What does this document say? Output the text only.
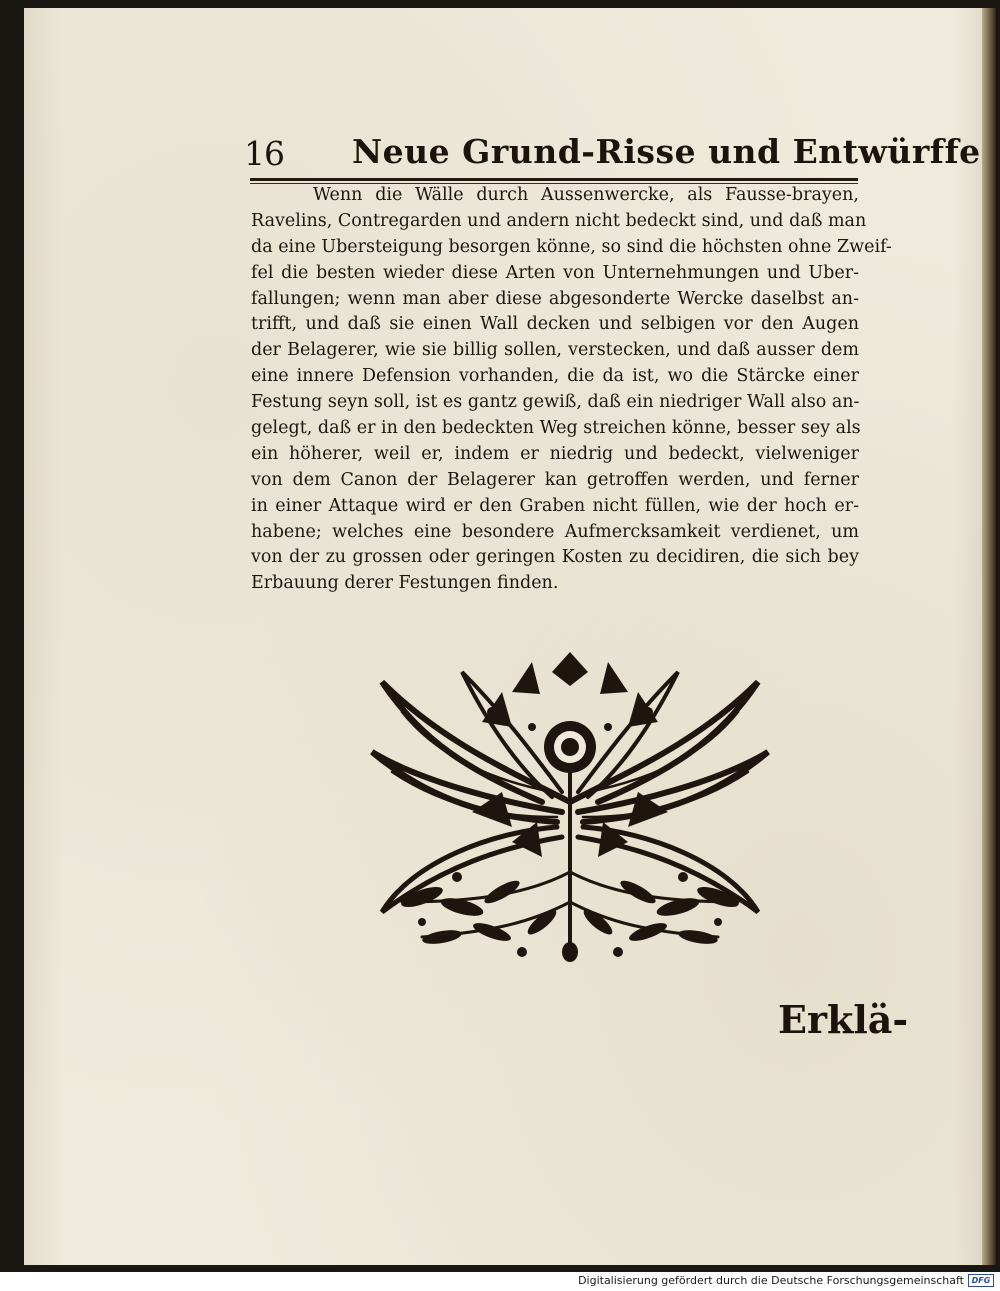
16 Neue Grund-Risse und Entwürffe
Wenn die Wälle durch Aussenwercke, als Fausse-brayen,
Ravelins, Contregarden und andern nicht bedeckt sind, und daß man
da eine Ubersteigung besorgen könne, so sind die höchsten ohne Zweif-
fel die besten wieder diese Arten von Unternehmungen und Uber-
fallungen; wenn man aber diese abgesonderte Wercke daselbst an-
trifft, und daß sie einen Wall decken und selbigen vor den Augen
der Belagerer, wie sie billig sollen, verstecken, und daß ausser dem
eine innere Defension vorhanden, die da ist, wo die Stärcke einer
Festung seyn soll, ist es gantz gewiß, daß ein niedriger Wall also an-
gelegt, daß er in den bedeckten Weg streichen könne, besser sey als
ein höherer, weil er, indem er niedrig und bedeckt, vielweniger
von dem Canon der Belagerer kan getroffen werden, und ferner
in einer Attaque wird er den Graben nicht füllen, wie der hoch er-
habene; welches eine besondere Aufmercksamkeit verdienet, um
von der zu grossen oder geringen Kosten zu decidiren, die sich bey
Erbauung derer Festungen finden.
Erklä-
Digitalisierung gefördert durch die Deutsche Forschungsgemeinschaft DFG
